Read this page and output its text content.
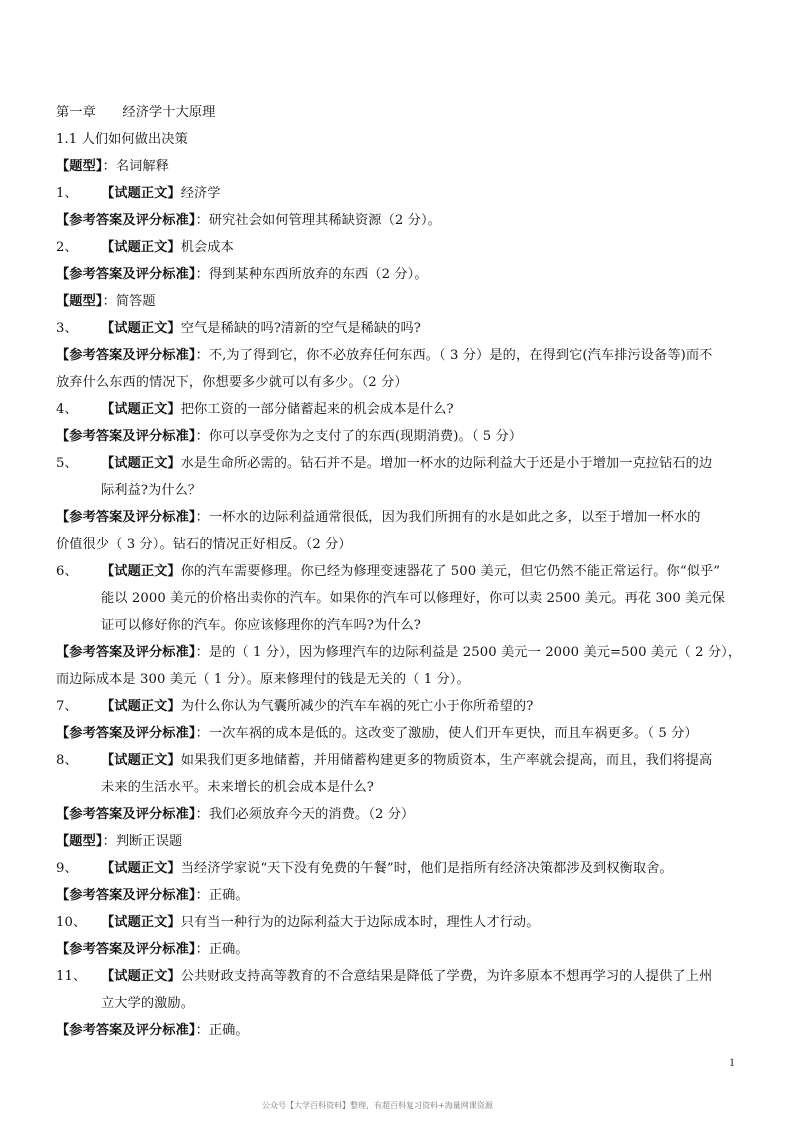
第一章　　经济学十大原理
1.1 人们如何做出决策
【题型】：名词解释
1、 【试题正文】经济学
【参考答案及评分标准】：研究社会如何管理其稀缺资源（2 分）。
2、 【试题正文】机会成本
【参考答案及评分标准】：得到某种东西所放弃的东西（2 分）。
【题型】：简答题
3、 【试题正文】空气是稀缺的吗?清新的空气是稀缺的吗?
【参考答案及评分标准】：不,为了得到它，你不必放弃任何东西。（ 3 分）是的，在得到它(汽车排污设备等)而不
放弃什么东西的情况下，你想要多少就可以有多少。（2 分）
4、 【试题正文】把你工资的一部分储蓄起来的机会成本是什么?
【参考答案及评分标准】：你可以享受你为之支付了的东西(现期消费)。（ 5 分）
5、 【试题正文】水是生命所必需的。钻石并不是。增加一杯水的边际利益大于还是小于增加一克拉钻石的边
际利益?为什么？
【参考答案及评分标准】：一杯水的边际利益通常很低，因为我们所拥有的水是如此之多，以至于增加一杯水的
价值很少（ 3 分）。钻石的情况正好相反。（2 分）
6、 【试题正文】你的汽车需要修理。你已经为修理变速器花了 500 美元，但它仍然不能正常运行。你“似乎”
能以 2000 美元的价格出卖你的汽车。如果你的汽车可以修理好，你可以卖 2500 美元。再花 300 美元保
证可以修好你的汽车。你应该修理你的汽车吗?为什么?
【参考答案及评分标准】：是的（ 1 分），因为修理汽车的边际利益是 2500 美元一 2000 美元=500 美元（ 2 分），
而边际成本是 300 美元（ 1 分）。原来修理付的钱是无关的（ 1 分）。
7、 【试题正文】为什么你认为气囊所减少的汽车车祸的死亡小于你所希望的?
【参考答案及评分标准】：一次车祸的成本是低的。这改变了激励，使人们开车更快，而且车祸更多。（ 5 分）
8、 【试题正文】如果我们更多地储蓄，并用储蓄构建更多的物质资本，生产率就会提高，而且，我们将提高
未来的生活水平。未来增长的机会成本是什么?
【参考答案及评分标准】：我们必须放弃今天的消费。（2 分）
【题型】：判断正误题
9、 【试题正文】当经济学家说“天下没有免费的午餐”时，他们是指所有经济决策都涉及到权衡取舍。
【参考答案及评分标准】：正确。
10、 【试题正文】只有当一种行为的边际利益大于边际成本时，理性人才行动。
【参考答案及评分标准】：正确。
11、 【试题正文】公共财政支持高等教育的不合意结果是降低了学费，为许多原本不想再学习的人提供了上州
立大学的激励。
【参考答案及评分标准】：正确。
1
公众号【大学百科资料】整理，有超百科复习资料+海量网课资源
